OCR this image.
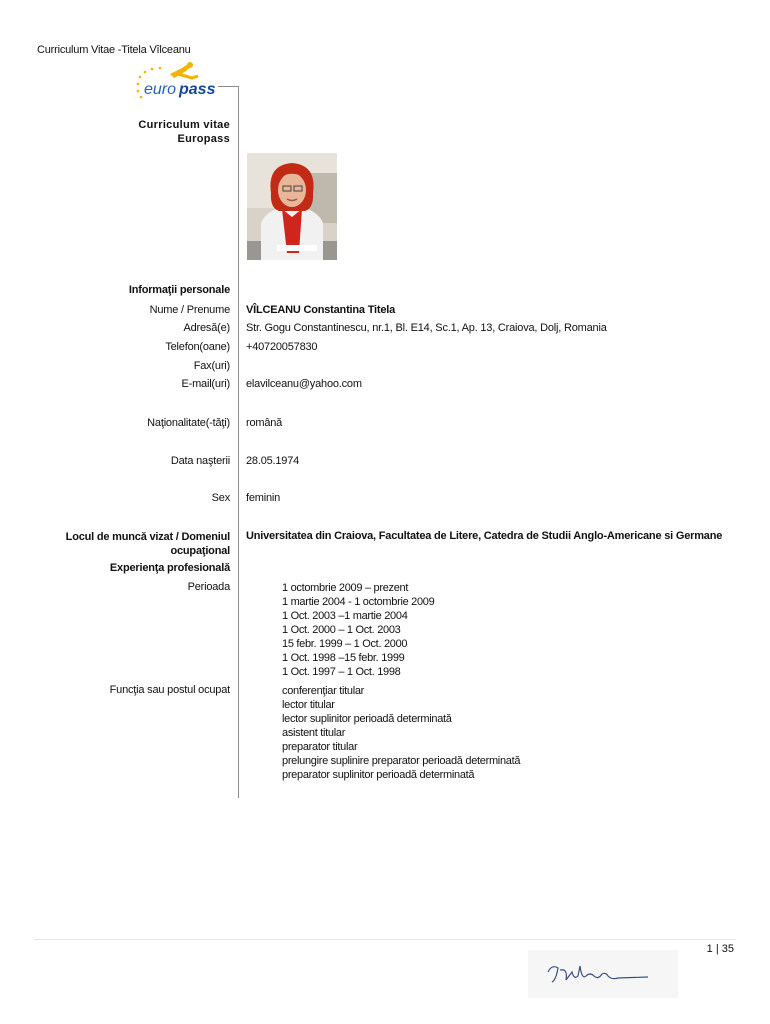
Curriculum Vitae -Titela Vîlceanu
euro pass
Curriculum vitae
Europass
Informaţii personale
Nume / Prenume VÎLCEANU Constantina Titela
Adresă(e) Str. Gogu Constantinescu, nr.1, Bl. E14, Sc.1, Ap. 13, Craiova, Dolj, Romania
Telefon(oane) +40720057830
Fax(uri)
E-mail(uri) elavilceanu@yahoo.com
Naţionalitate(-tăţi) română
Data naşterii 28.05.1974
Sex feminin
Locul de muncă vizat / Domeniul
ocupaţional
Universitatea din Craiova, Facultatea de Litere, Catedra de Studii Anglo-Americane si Germane
Experienţa profesională
Perioada	1 octombrie 2009 – prezent
1 martie 2004 - 1 octombrie 2009
1 Oct. 2003 –1 martie 2004
1 Oct. 2000 – 1 Oct. 2003
15 febr. 1999 – 1 Oct. 2000
1 Oct. 1998 –15 febr. 1999
1 Oct. 1997 – 1 Oct. 1998
Funcţia sau postul ocupat	conferenţiar titular
lector titular
lector suplinitor perioadă determinată
asistent titular
preparator titular
prelungire suplinire preparator perioadă determinată
preparator suplinitor perioadă determinată
1 | 35
